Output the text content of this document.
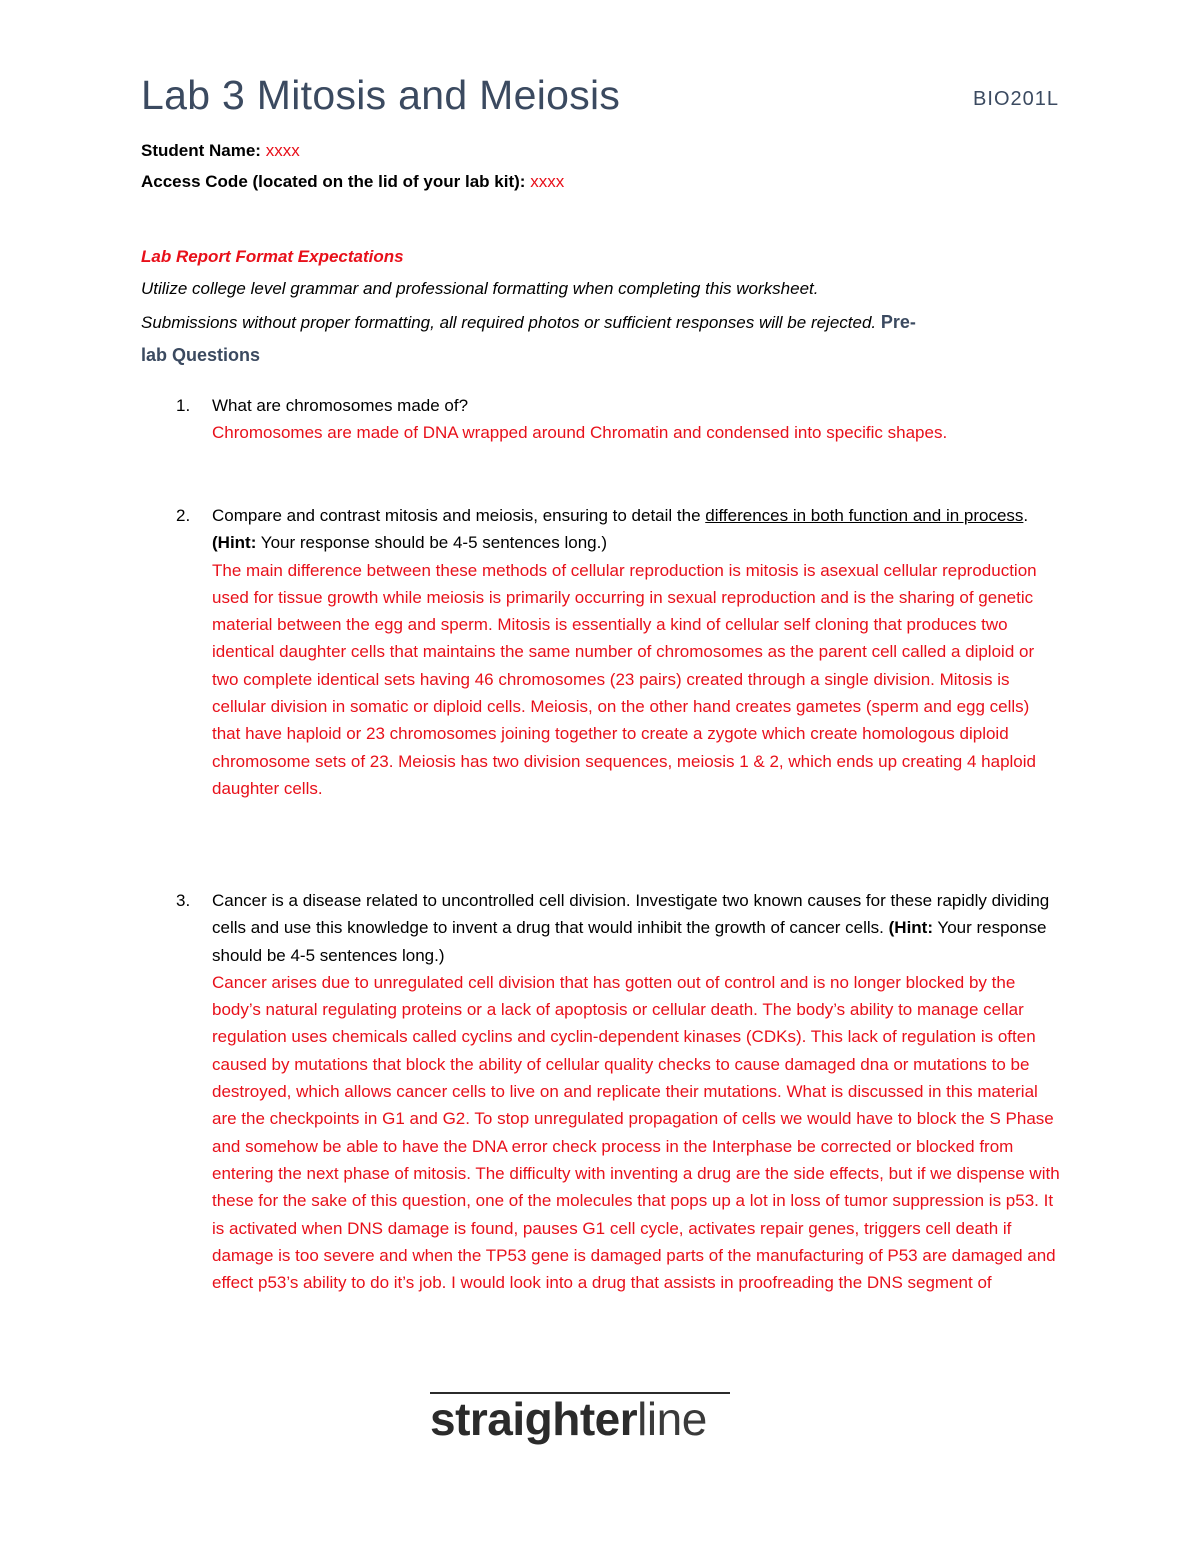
Lab 3 Mitosis and Meiosis	BIO201L
Student Name: xxxx
Access Code (located on the lid of your lab kit): xxxx
Lab Report Format Expectations
Utilize college level grammar and professional formatting when completing this worksheet.
Submissions without proper formatting, all required photos or sufficient responses will be rejected. Pre-
lab Questions
1. What are chromosomes made of?

Chromosomes are made of DNA wrapped around Chromatin and condensed into specific shapes.

2. Compare and contrast mitosis and meiosis, ensuring to detail the differences in both function and in process. (Hint: Your response should be 4-5 sentences long.)

The main difference between these methods of cellular reproduction is mitosis is asexual cellular reproduction used for tissue growth while meiosis is primarily occurring in sexual reproduction and is the sharing of genetic material between the egg and sperm. Mitosis is essentially a kind of cellular self cloning that produces two identical daughter cells that maintains the same number of chromosomes as the parent cell called a diploid or two complete identical sets having 46 chromosomes (23 pairs) created through a single division. Mitosis is cellular division in somatic or diploid cells. Meiosis, on the other hand creates gametes (sperm and egg cells) that have haploid or 23 chromosomes joining together to create a zygote which create homologous diploid chromosome sets of 23. Meiosis has two division sequences, meiosis 1 & 2, which ends up creating 4 haploid daughter cells.

3. Cancer is a disease related to uncontrolled cell division. Investigate two known causes for these rapidly dividing cells and use this knowledge to invent a drug that would inhibit the growth of cancer cells. (Hint: Your response should be 4-5 sentences long.)

Cancer arises due to unregulated cell division that has gotten out of control and is no longer blocked by the body’s natural regulating proteins or a lack of apoptosis or cellular death. The body’s ability to manage cellar regulation uses chemicals called cyclins and cyclin-dependent kinases (CDKs). This lack of regulation is often caused by mutations that block the ability of cellular quality checks to cause damaged dna or mutations to be destroyed, which allows cancer cells to live on and replicate their mutations. What is discussed in this material are the checkpoints in G1 and G2. To stop unregulated propagation of cells we would have to block the S Phase and somehow be able to have the DNA error check process in the Interphase be corrected or blocked from entering the next phase of mitosis. The difficulty with inventing a drug are the side effects, but if we dispense with these for the sake of this question, one of the molecules that pops up a lot in loss of tumor suppression is p53. It is activated when DNS damage is found, pauses G1 cell cycle, activates repair genes, triggers cell death if damage is too severe and when the TP53 gene is damaged parts of the manufacturing of P53 are damaged and effect p53’s ability to do it’s job. I would look into a drug that assists in proofreading the DNS segment of

straighterline
